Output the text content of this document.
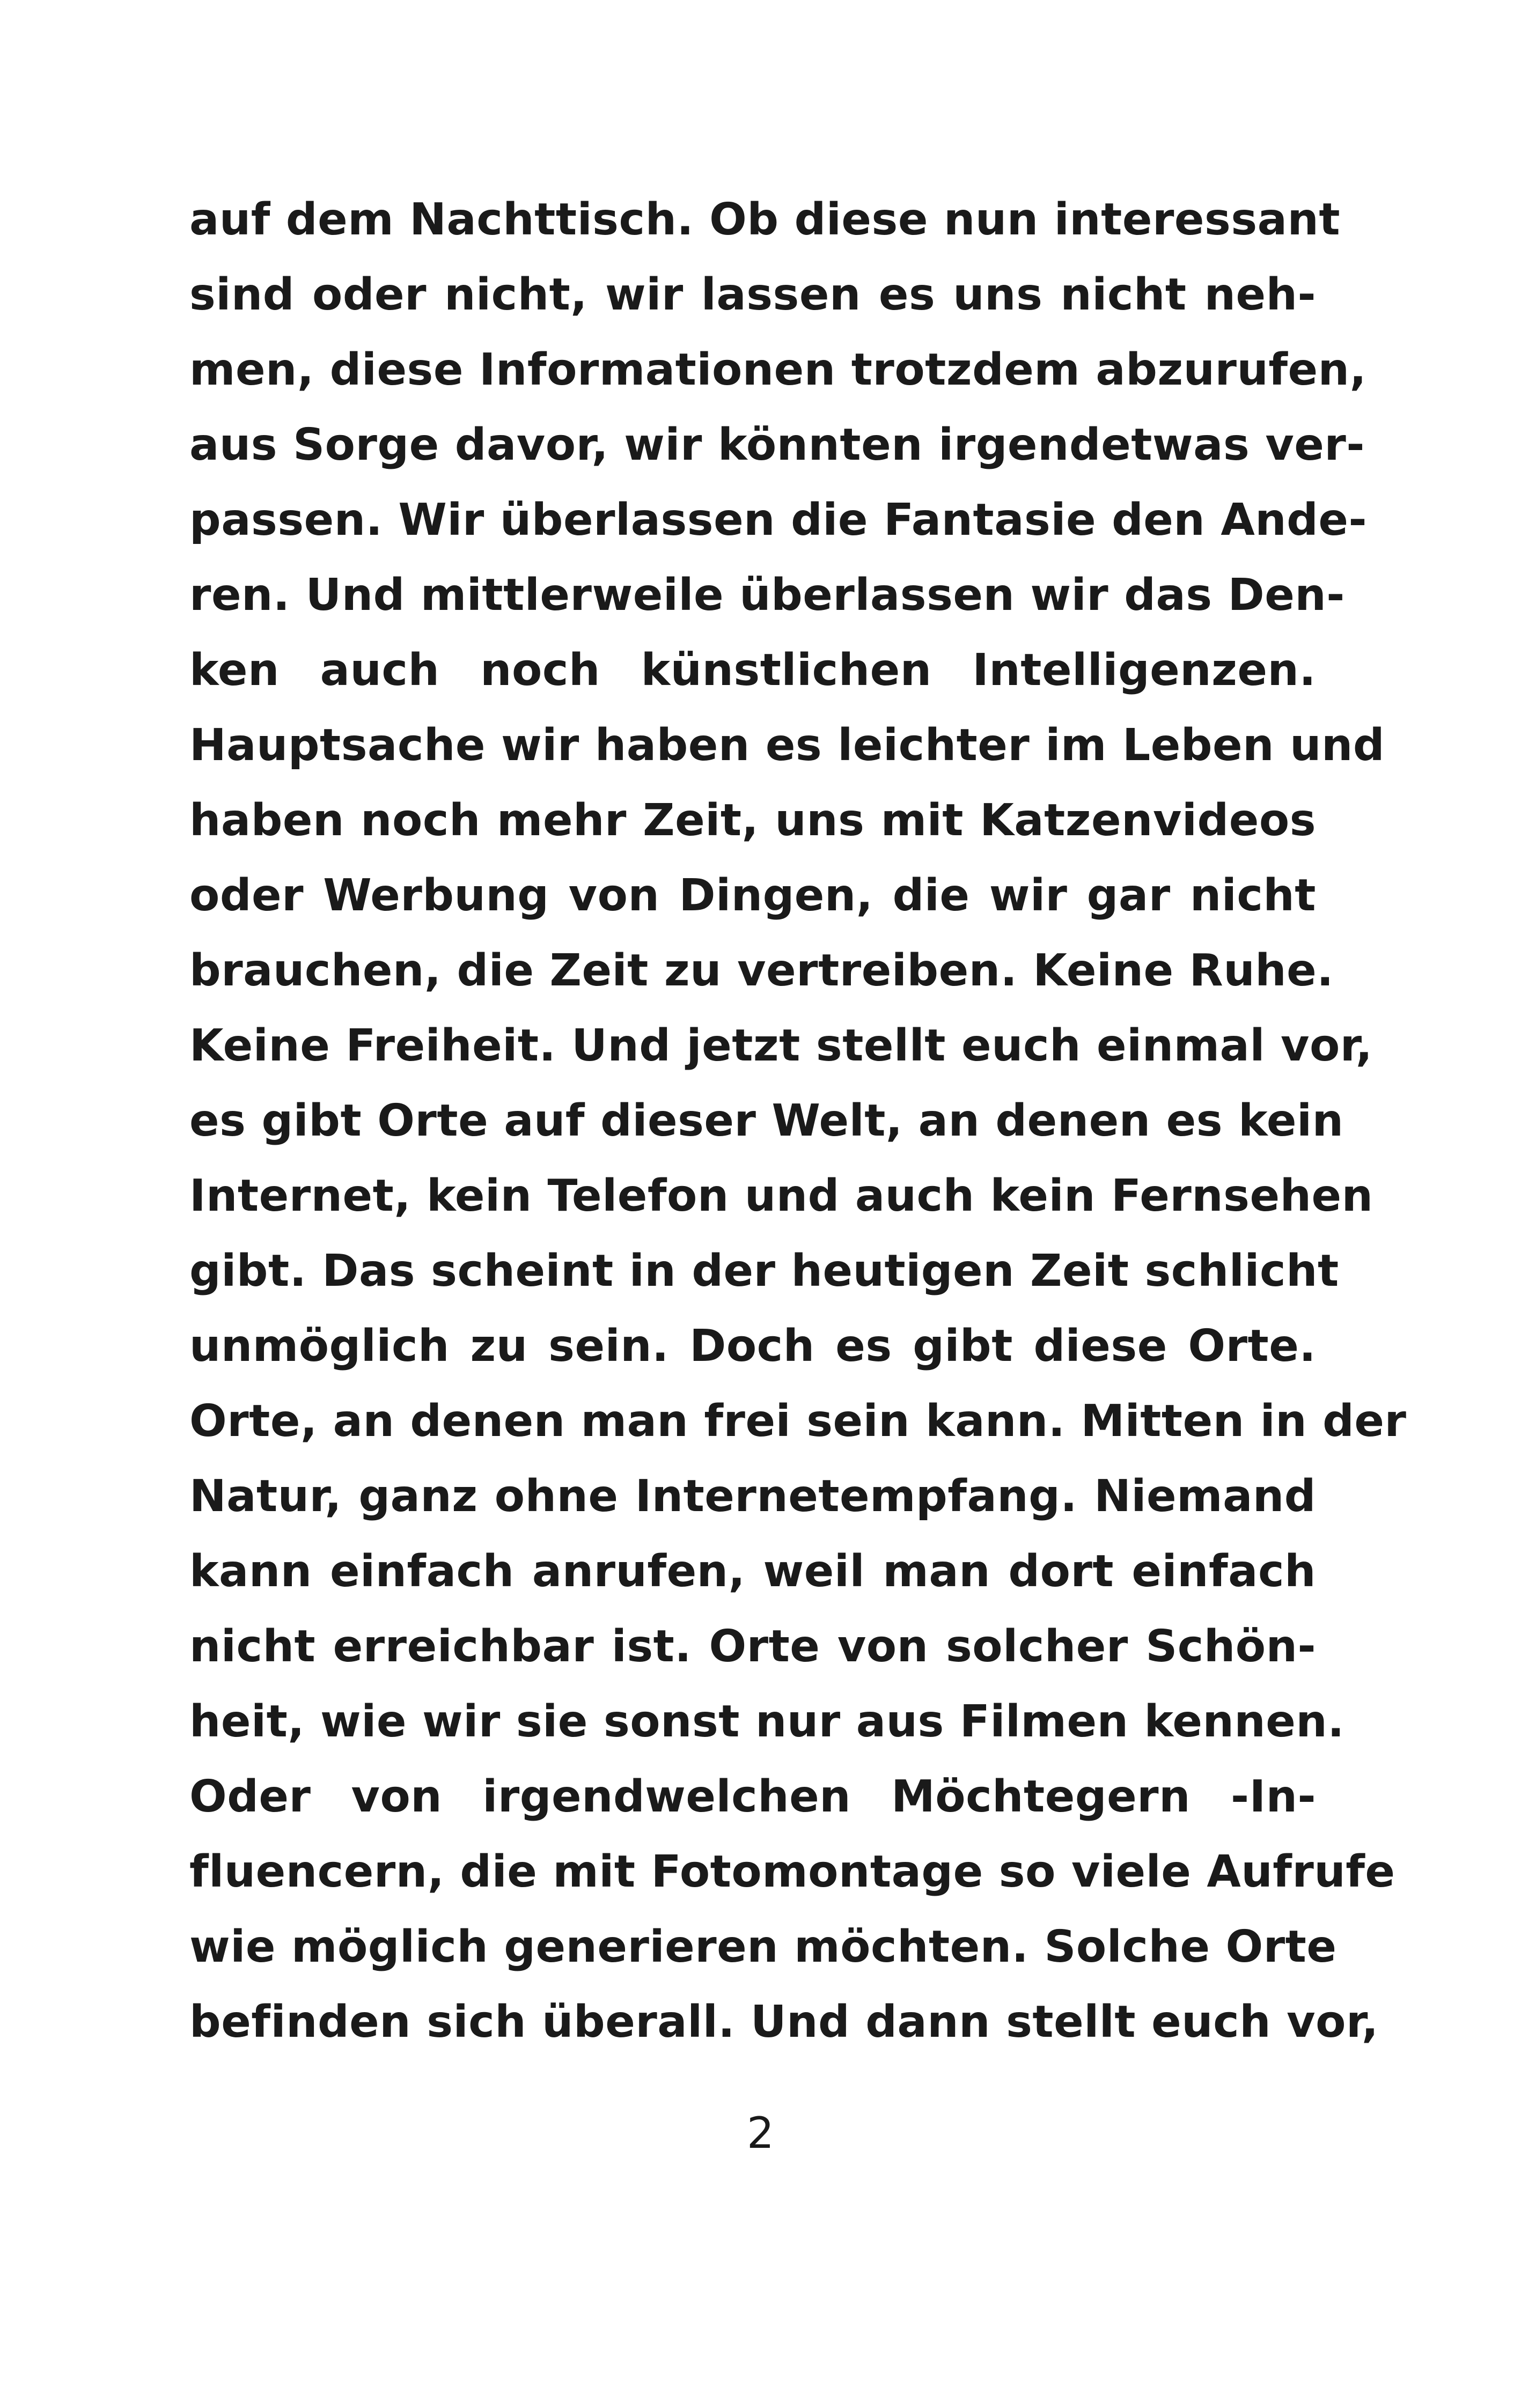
auf dem Nachttisch. Ob diese nun interessant
sind oder nicht, wir lassen es uns nicht neh-
men, diese Informationen trotzdem abzurufen,
aus Sorge davor, wir könnten irgendetwas ver-
passen. Wir überlassen die Fantasie den Ande-
ren. Und mittlerweile überlassen wir das Den-
ken auch noch künstlichen Intelligenzen.
Hauptsache wir haben es leichter im Leben und
haben noch mehr Zeit, uns mit Katzenvideos
oder Werbung von Dingen, die wir gar nicht
brauchen, die Zeit zu vertreiben. Keine Ruhe.
Keine Freiheit. Und jetzt stellt euch einmal vor,
es gibt Orte auf dieser Welt, an denen es kein
Internet, kein Telefon und auch kein Fernsehen
gibt. Das scheint in der heutigen Zeit schlicht
unmöglich zu sein. Doch es gibt diese Orte.
Orte, an denen man frei sein kann. Mitten in der
Natur, ganz ohne Internetempfang. Niemand
kann einfach anrufen, weil man dort einfach
nicht erreichbar ist. Orte von solcher Schön-
heit, wie wir sie sonst nur aus Filmen kennen.
Oder von irgendwelchen Möchtegern -In-
fluencern, die mit Fotomontage so viele Aufrufe
wie möglich generieren möchten. Solche Orte
befinden sich überall. Und dann stellt euch vor,
2
